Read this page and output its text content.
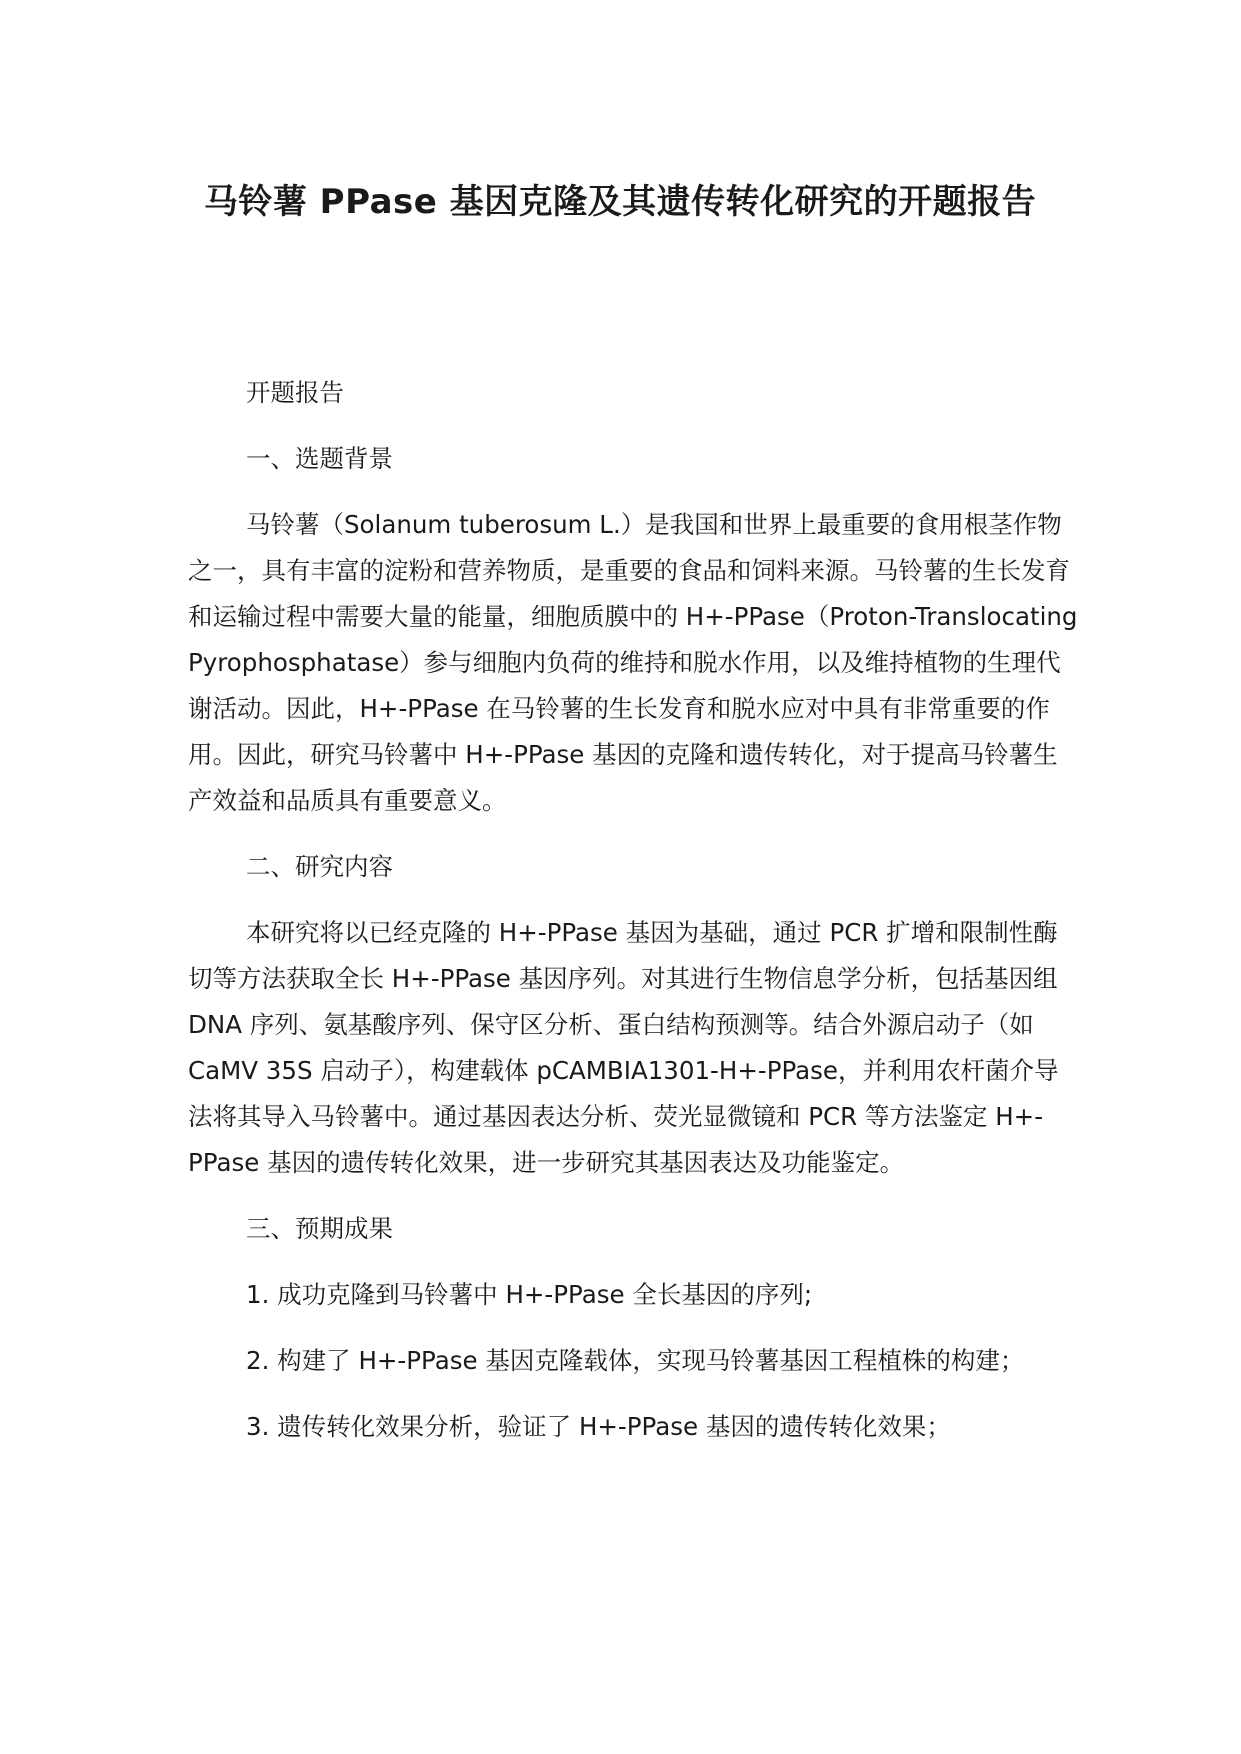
马铃薯 PPase 基因克隆及其遗传转化研究的开题报告

开题报告

一、选题背景

马铃薯（Solanum tuberosum L.）是我国和世界上最重要的食用根茎作物之一，具有丰富的淀粉和营养物质，是重要的食品和饲料来源。马铃薯的生长发育和运输过程中需要大量的能量，细胞质膜中的 H+-PPase（Proton-Translocating Pyrophosphatase）参与细胞内负荷的维持和脱水作用，以及维持植物的生理代谢活动。因此，H+-PPase 在马铃薯的生长发育和脱水应对中具有非常重要的作用。因此，研究马铃薯中 H+-PPase 基因的克隆和遗传转化，对于提高马铃薯生产效益和品质具有重要意义。

二、研究内容

本研究将以已经克隆的 H+-PPase 基因为基础，通过 PCR 扩增和限制性酶切等方法获取全长 H+-PPase 基因序列。对其进行生物信息学分析，包括基因组 DNA 序列、氨基酸序列、保守区分析、蛋白结构预测等。结合外源启动子（如 CaMV 35S 启动子），构建载体 pCAMBIA1301-H+-PPase，并利用农杆菌介导法将其导入马铃薯中。通过基因表达分析、荧光显微镜和 PCR 等方法鉴定 H+-PPase 基因的遗传转化效果，进一步研究其基因表达及功能鉴定。

三、预期成果

1. 成功克隆到马铃薯中 H+-PPase 全长基因的序列;

2. 构建了 H+-PPase 基因克隆载体，实现马铃薯基因工程植株的构建；

3. 遗传转化效果分析，验证了 H+-PPase 基因的遗传转化效果；
